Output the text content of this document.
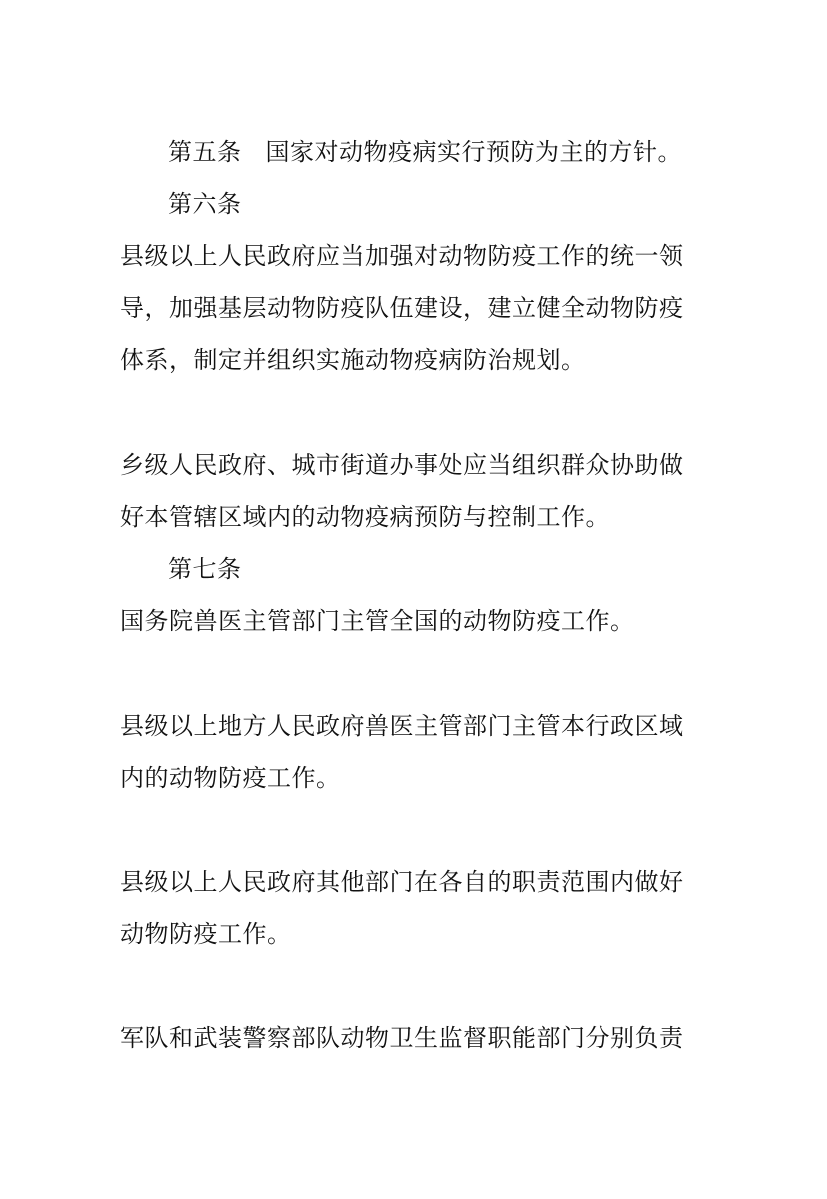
第五条 国家对动物疫病实行预防为主的方针。
第六条
县级以上人民政府应当加强对动物防疫工作的统一领
导，加强基层动物防疫队伍建设，建立健全动物防疫
体系，制定并组织实施动物疫病防治规划。
乡级人民政府、城市街道办事处应当组织群众协助做
好本管辖区域内的动物疫病预防与控制工作。
第七条
国务院兽医主管部门主管全国的动物防疫工作。
县级以上地方人民政府兽医主管部门主管本行政区域
内的动物防疫工作。
县级以上人民政府其他部门在各自的职责范围内做好
动物防疫工作。
军队和武装警察部队动物卫生监督职能部门分别负责
